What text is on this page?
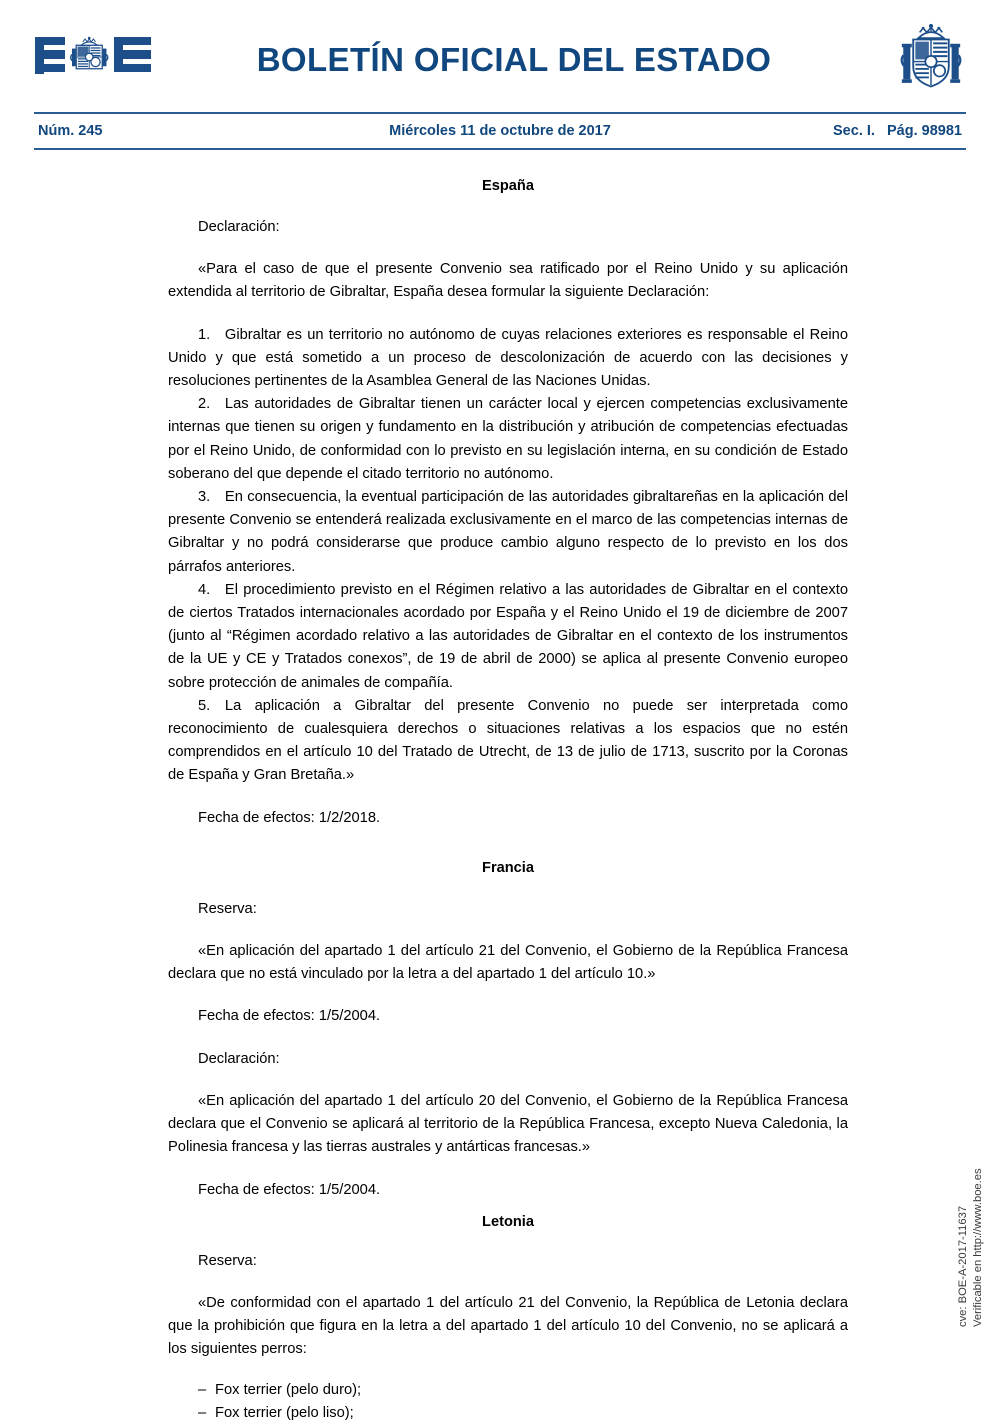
BOLETÍN OFICIAL DEL ESTADO
Núm. 245	Miércoles 11 de octubre de 2017	Sec. I.   Pág. 98981
España

Declaración:

«Para el caso de que el presente Convenio sea ratificado por el Reino Unido y su aplicación extendida al territorio de Gibraltar, España desea formular la siguiente Declaración:

1.  Gibraltar es un territorio no autónomo de cuyas relaciones exteriores es responsable el Reino Unido y que está sometido a un proceso de descolonización de acuerdo con las decisiones y resoluciones pertinentes de la Asamblea General de las Naciones Unidas.

2.  Las autoridades de Gibraltar tienen un carácter local y ejercen competencias exclusivamente internas que tienen su origen y fundamento en la distribución y atribución de competencias efectuadas por el Reino Unido, de conformidad con lo previsto en su legislación interna, en su condición de Estado soberano del que depende el citado territorio no autónomo.

3.  En consecuencia, la eventual participación de las autoridades gibraltareñas en la aplicación del presente Convenio se entenderá realizada exclusivamente en el marco de las competencias internas de Gibraltar y no podrá considerarse que produce cambio alguno respecto de lo previsto en los dos párrafos anteriores.

4.  El procedimiento previsto en el Régimen relativo a las autoridades de Gibraltar en el contexto de ciertos Tratados internacionales acordado por España y el Reino Unido el 19 de diciembre de 2007 (junto al “Régimen acordado relativo a las autoridades de Gibraltar en el contexto de los instrumentos de la UE y CE y Tratados conexos”, de 19 de abril de 2000) se aplica al presente Convenio europeo sobre protección de animales de compañía.

5.  La aplicación a Gibraltar del presente Convenio no puede ser interpretada como reconocimiento de cualesquiera derechos o situaciones relativas a los espacios que no estén comprendidos en el artículo 10 del Tratado de Utrecht, de 13 de julio de 1713, suscrito por la Coronas de España y Gran Bretaña.»

Fecha de efectos: 1/2/2018.

Francia

Reserva:

«En aplicación del apartado 1 del artículo 21 del Convenio, el Gobierno de la República Francesa declara que no está vinculado por la letra a del apartado 1 del artículo 10.»

Fecha de efectos: 1/5/2004.

Declaración:

«En aplicación del apartado 1 del artículo 20 del Convenio, el Gobierno de la República Francesa declara que el Convenio se aplicará al territorio de la República Francesa, excepto Nueva Caledonia, la Polinesia francesa y las tierras australes y antárticas francesas.»

Fecha de efectos: 1/5/2004.

Letonia

Reserva:

«De conformidad con el apartado 1 del artículo 21 del Convenio, la República de Letonia declara que la prohibición que figura en la letra a del apartado 1 del artículo 10 del Convenio, no se aplicará a los siguientes perros:

– Fox terrier (pelo duro);
– Fox terrier (pelo liso);
cve: BOE-A-2017-11637 Verificable en http://www.boe.es
